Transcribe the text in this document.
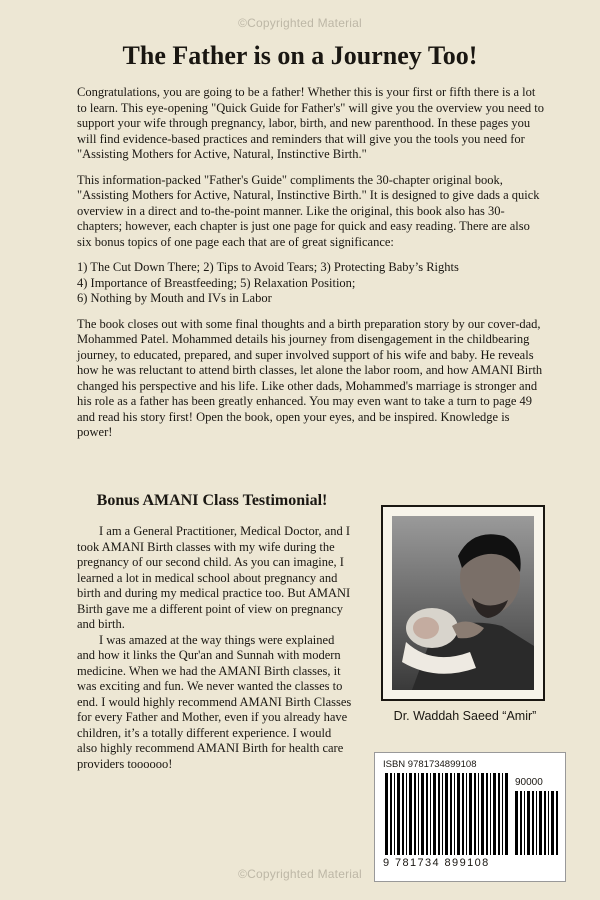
©Copyrighted Material
The Father is on a Journey Too!

Congratulations, you are going to be a father! Whether this is your first or fifth there is a lot to learn. This eye-opening "Quick Guide for Father's" will give you the overview you need to support your wife through pregnancy, labor, birth, and new parenthood. In these pages you will find evidence-based practices and reminders that will give you the tools you need for "Assisting Mothers for Active, Natural, Instinctive Birth."

This information-packed "Father's Guide" compliments the 30-chapter original book, "Assisting Mothers for Active, Natural, Instinctive Birth." It is designed to give dads a quick overview in a direct and to-the-point manner. Like the original, this book also has 30-chapters; however, each chapter is just one page for quick and easy reading. There are also six bonus topics of one page each that are of great significance:

1) The Cut Down There; 2) Tips to Avoid Tears; 3) Protecting Baby’s Rights
4) Importance of Breastfeeding; 5) Relaxation Position;
6) Nothing by Mouth and IVs in Labor

The book closes out with some final thoughts and a birth preparation story by our cover-dad, Mohammed Patel. Mohammed details his journey from disengagement in the childbearing journey, to educated, prepared, and super involved support of his wife and baby. He reveals how he was reluctant to attend birth classes, let alone the labor room, and how AMANI Birth changed his perspective and his life. Like other dads, Mohammed's marriage is stronger and his role as a father has been greatly enhanced. You may even want to take a turn to page 49 and read his story first! Open the book, open your eyes, and be inspired. Knowledge is power!

Bonus AMANI Class Testimonial!

I am a General Practitioner, Medical Doctor, and I took AMANI Birth classes with my wife during the pregnancy of our second child. As you can imagine, I learned a lot in medical school about pregnancy and birth and during my medical practice too. But AMANI Birth gave me a different point of view on pregnancy and birth.

I was amazed at the way things were explained and how it links the Qur'an and Sunnah with modern medicine. When we had the AMANI Birth classes, it was exciting and fun. We never wanted the classes to end. I would highly recommend AMANI Birth Classes for every Father and Mother, even if you already have children, it’s a totally different experience. I would also highly recommend AMANI Birth for health care providers toooooo!

Dr. Waddah Saeed “Amir”
ISBN 9781734899108
90000
9 781734 899108
©Copyrighted Material
